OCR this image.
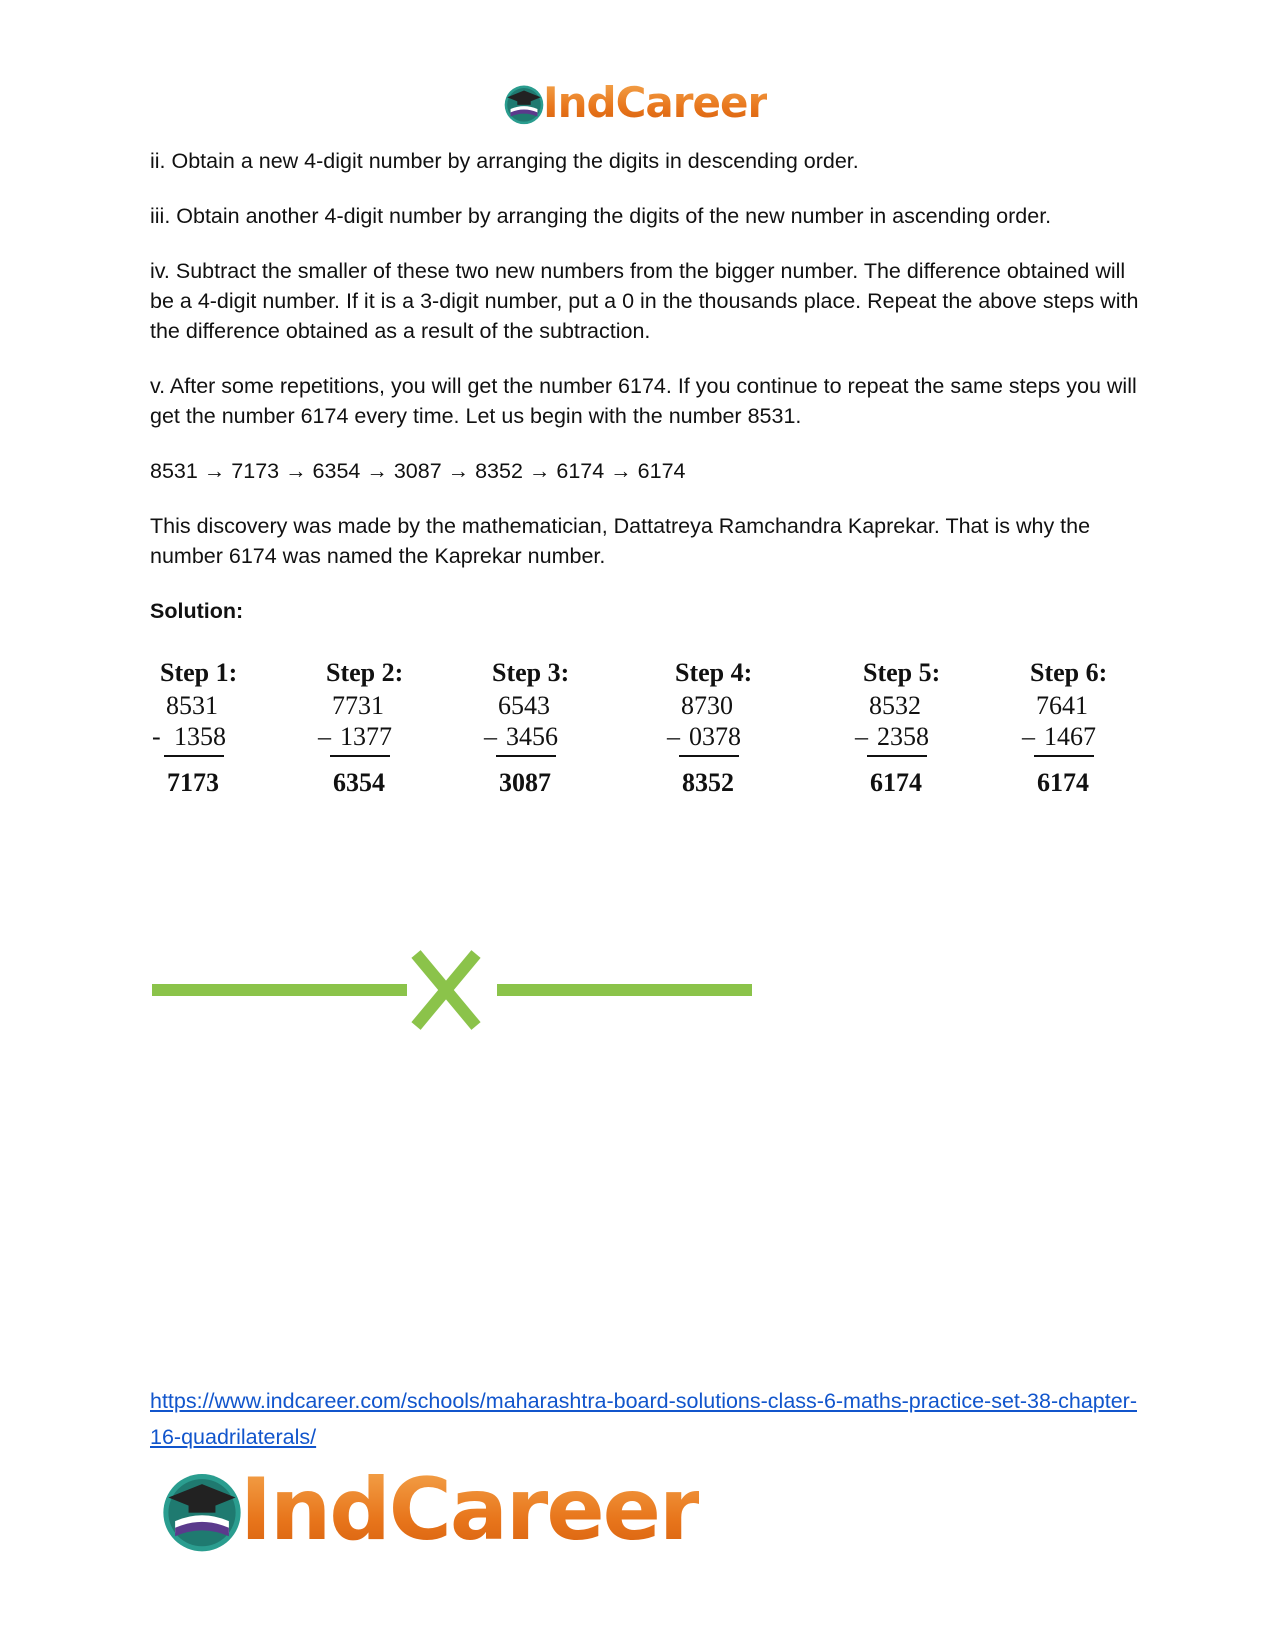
IndCareer

ii. Obtain a new 4-digit number by arranging the digits in descending order.

iii. Obtain another 4-digit number by arranging the digits of the new number in ascending order.

iv. Subtract the smaller of these two new numbers from the bigger number. The difference obtained will be a 4-digit number. If it is a 3-digit number, put a 0 in the thousands place. Repeat the above steps with the difference obtained as a result of the subtraction.

v. After some repetitions, you will get the number 6174. If you continue to repeat the same steps you will get the number 6174 every time. Let us begin with the number 8531.

8531 → 7173 → 6354 → 3087 → 8352 → 6174 → 6174

This discovery was made by the mathematician, Dattatreya Ramchandra Kaprekar. That is why the number 6174 was named the Kaprekar number.

Solution:

Step 1:
8531
- 1358
7173
Step 2:
7731
– 1377
6354
Step 3:
6543
– 3456
3087
Step 4:
8730
– 0378
8352
Step 5:
8532
– 2358
6174
Step 6:
7641
– 1467
6174
https://www.indcareer.com/schools/maharashtra-board-solutions-class-6-maths-practice-set-38-chapter-16-quadrilaterals/
IndCareer
